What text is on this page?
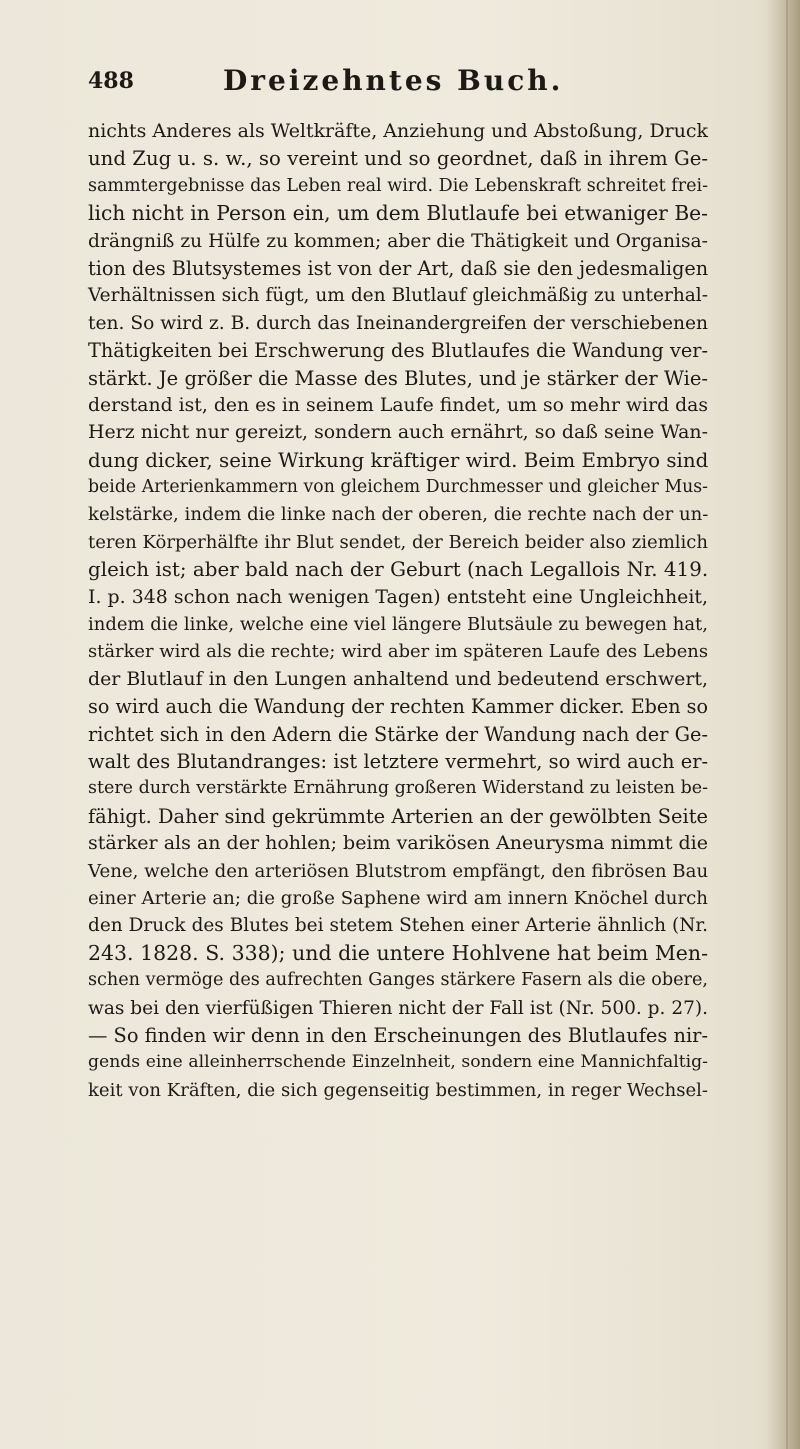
488	Dreizehntes Buch.
nichts Anderes als Weltkräfte, Anziehung und Abstoßung, Druck
und Zug u. s. w., so vereint und so geordnet, daß in ihrem Ge-
sammtergebnisse das Leben real wird. Die Lebenskraft schreitet frei-
lich nicht in Person ein, um dem Blutlaufe bei etwaniger Be-
drängniß zu Hülfe zu kommen; aber die Thätigkeit und Organisa-
tion des Blutsystemes ist von der Art, daß sie den jedesmaligen
Verhältnissen sich fügt, um den Blutlauf gleichmäßig zu unterhal-
ten. So wird z. B. durch das Ineinandergreifen der verschiebenen
Thätigkeiten bei Erschwerung des Blutlaufes die Wandung ver-
stärkt. Je größer die Masse des Blutes, und je stärker der Wie-
derstand ist, den es in seinem Laufe findet, um so mehr wird das
Herz nicht nur gereizt, sondern auch ernährt, so daß seine Wan-
dung dicker, seine Wirkung kräftiger wird. Beim Embryo sind
beide Arterienkammern von gleichem Durchmesser und gleicher Mus-
kelstärke, indem die linke nach der oberen, die rechte nach der un-
teren Körperhälfte ihr Blut sendet, der Bereich beider also ziemlich
gleich ist; aber bald nach der Geburt (nach Legallois Nr. 419.
I. p. 348 schon nach wenigen Tagen) entsteht eine Ungleichheit,
indem die linke, welche eine viel längere Blutsäule zu bewegen hat,
stärker wird als die rechte; wird aber im späteren Laufe des Lebens
der Blutlauf in den Lungen anhaltend und bedeutend erschwert,
so wird auch die Wandung der rechten Kammer dicker. Eben so
richtet sich in den Adern die Stärke der Wandung nach der Ge-
walt des Blutandranges: ist letztere vermehrt, so wird auch er-
stere durch verstärkte Ernährung großeren Widerstand zu leisten be-
fähigt. Daher sind gekrümmte Arterien an der gewölbten Seite
stärker als an der hohlen; beim varikösen Aneurysma nimmt die
Vene, welche den arteriösen Blutstrom empfängt, den fibrösen Bau
einer Arterie an; die große Saphene wird am innern Knöchel durch
den Druck des Blutes bei stetem Stehen einer Arterie ähnlich (Nr.
243. 1828. S. 338); und die untere Hohlvene hat beim Men-
schen vermöge des aufrechten Ganges stärkere Fasern als die obere,
was bei den vierfüßigen Thieren nicht der Fall ist (Nr. 500. p. 27).
— So finden wir denn in den Erscheinungen des Blutlaufes nir-
gends eine alleinherrschende Einzelnheit, sondern eine Mannichfaltig-
keit von Kräften, die sich gegenseitig bestimmen, in reger Wechsel-
